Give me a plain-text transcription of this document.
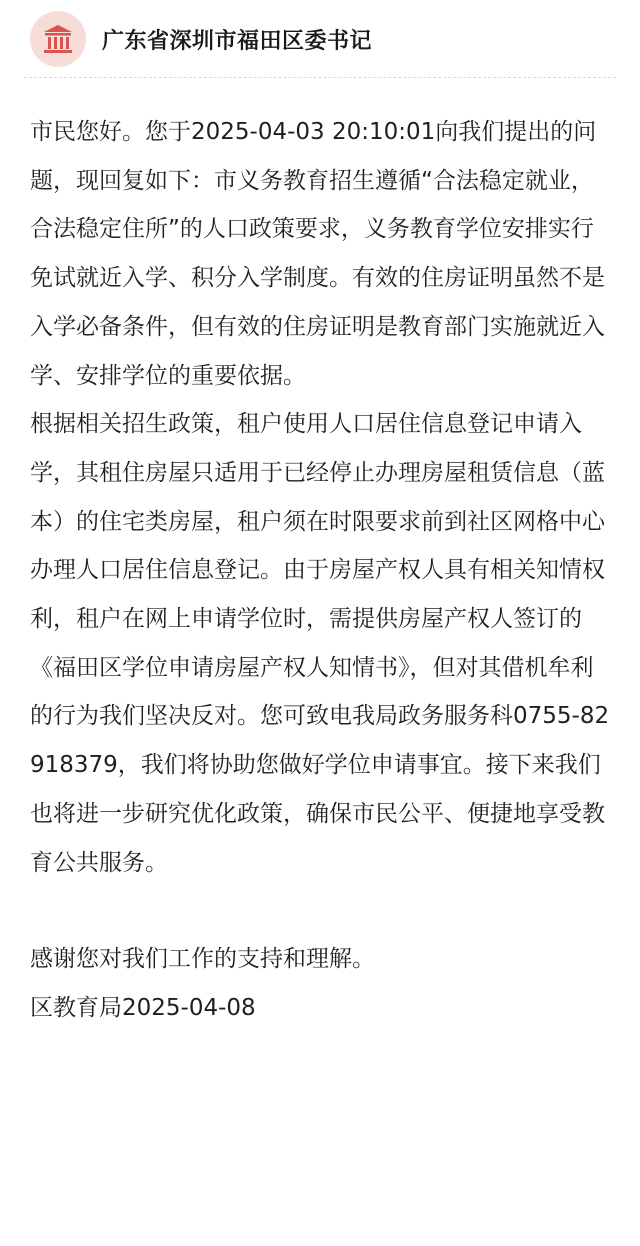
广东省深圳市福田区委书记

市民您好。您于2025-04-03 20:10:01向我们提出的问题，现回复如下：市义务教育招生遵循“合法稳定就业，合法稳定住所”的人口政策要求，义务教育学位安排实行免试就近入学、积分入学制度。有效的住房证明虽然不是入学必备条件，但有效的住房证明是教育部门实施就近入学、安排学位的重要依据。

根据相关招生政策，租户使用人口居住信息登记申请入学，其租住房屋只适用于已经停止办理房屋租赁信息（蓝本）的住宅类房屋，租户须在时限要求前到社区网格中心办理人口居住信息登记。由于房屋产权人具有相关知情权利，租户在网上申请学位时，需提供房屋产权人签订的《福田区学位申请房屋产权人知情书》，但对其借机牟利的行为我们坚决反对。您可致电我局政务服务科0755-82918379，我们将协助您做好学位申请事宜。接下来我们也将进一步研究优化政策，确保市民公平、便捷地享受教育公共服务。

感谢您对我们工作的支持和理解。

区教育局2025-04-08
